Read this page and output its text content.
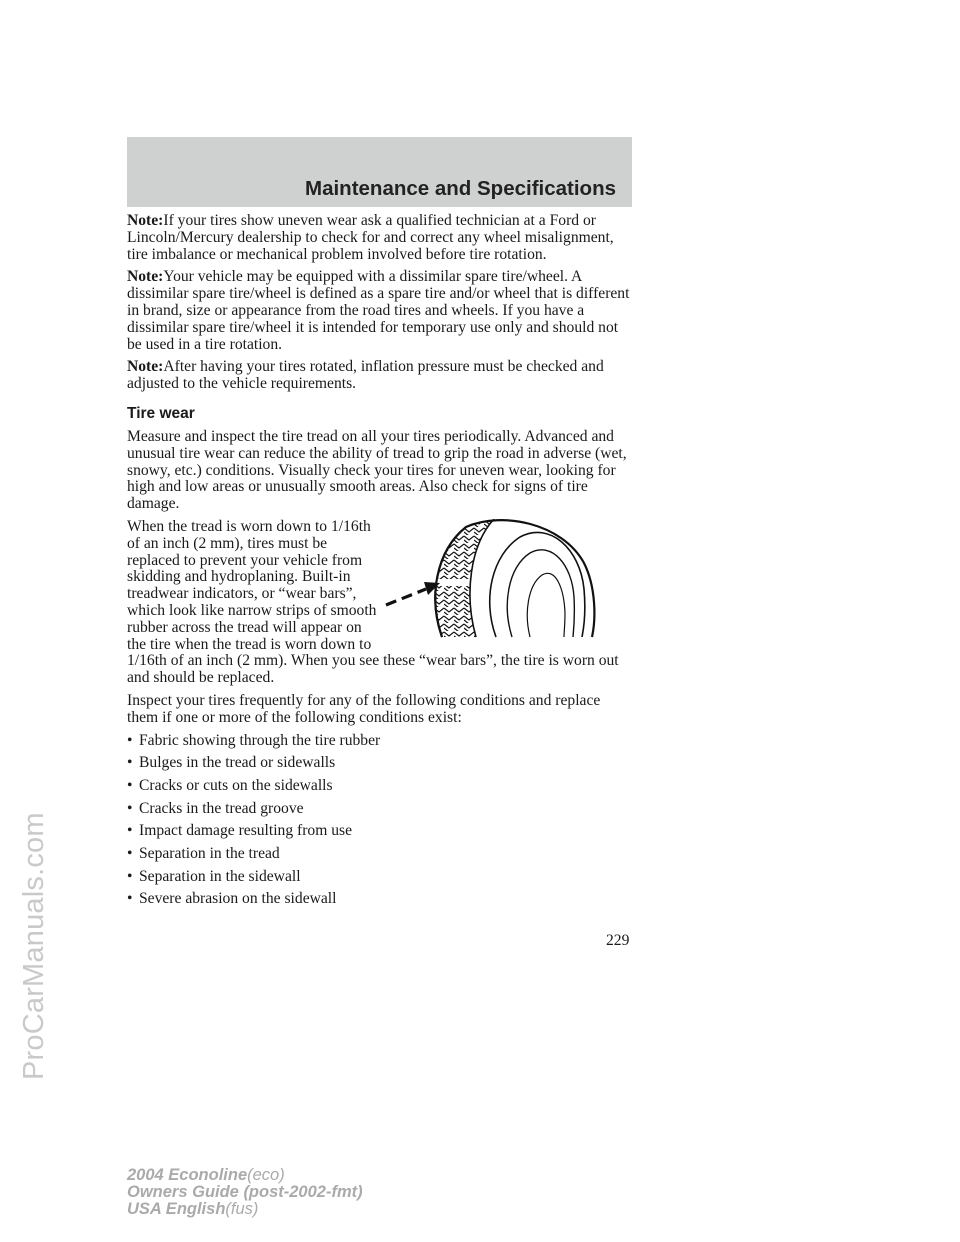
Maintenance and Specifications

Note:If your tires show uneven wear ask a qualified technician at a Ford or Lincoln/Mercury dealership to check for and correct any wheel misalignment, tire imbalance or mechanical problem involved before tire rotation.

Note:Your vehicle may be equipped with a dissimilar spare tire/wheel. A dissimilar spare tire/wheel is defined as a spare tire and/or wheel that is different in brand, size or appearance from the road tires and wheels. If you have a dissimilar spare tire/wheel it is intended for temporary use only and should not be used in a tire rotation.

Note:After having your tires rotated, inflation pressure must be checked and adjusted to the vehicle requirements.

Tire wear

Measure and inspect the tire tread on all your tires periodically. Advanced and unusual tire wear can reduce the ability of tread to grip the road in adverse (wet, snowy, etc.) conditions. Visually check your tires for uneven wear, looking for high and low areas or unusually smooth areas. Also check for signs of tire damage.

When the tread is worn down to 1/16th of an inch (2 mm), tires must be replaced to prevent your vehicle from skidding and hydroplaning. Built-in treadwear indicators, or “wear bars”, which look like narrow strips of smooth rubber across the tread will appear on the tire when the tread is worn down to 1/16th of an inch (2 mm). When you see these “wear bars”, the tire is worn out and should be replaced.

Inspect your tires frequently for any of the following conditions and replace them if one or more of the following conditions exist:

• Fabric showing through the tire rubber
• Bulges in the tread or sidewalls
• Cracks or cuts on the sidewalls
• Cracks in the tread groove
• Impact damage resulting from use
• Separation in the tread
• Separation in the sidewall
• Severe abrasion on the sidewall
229
2004 Econoline(eco)
Owners Guide (post-2002-fmt)
USA English(fus)
ProCarManuals.com
